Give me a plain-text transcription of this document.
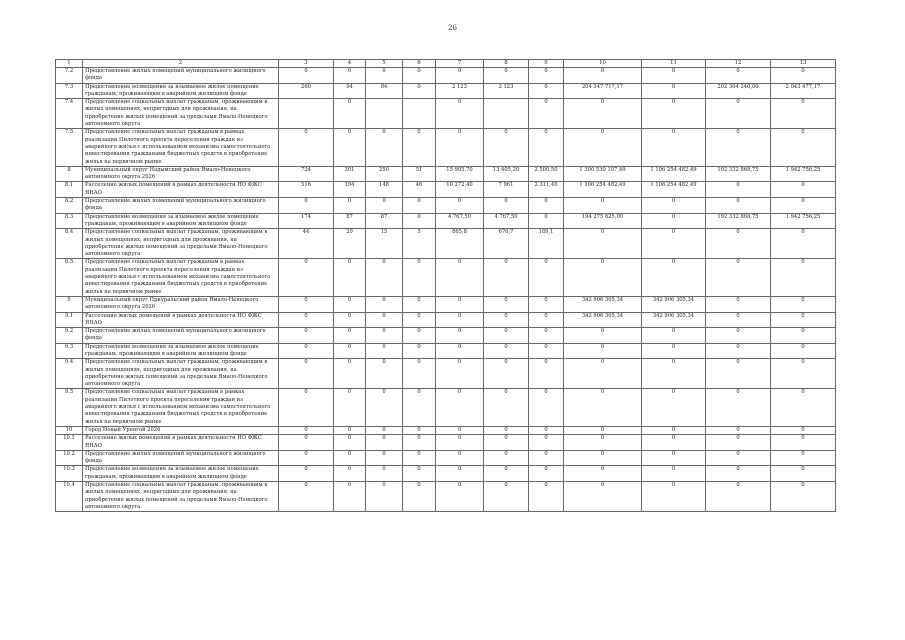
26
1	2	3	4	5	6	7	8	9	10	11	12	13
7.2	Предоставление жилых помещений муниципального жилищного фонда	0	0	0	0	0	0	0	0	0	0	0
7.3	Предоставление возмещения за изымаемое жилое помещение гражданам, проживающим в аварийном жилищном фонде	260	94	94	0	2 123	2 123	0	204 347 717,17	0	202 304 240,00	2 043 477,17
7.4	Предоставление социальных выплат гражданам, проживающим в жилых помещениях, непригодных для проживания, на приобретение жилых помещений за пределами Ямало-Ненецкого автономного округа		0			0		0	0	0	0	0
7.5	Предоставление социальных выплат гражданам в рамках реализации Пилотного проекта переселения граждан из аварийного жилья с использованием механизма самостоятельного инвестирования гражданами бюджетных средств в приобретение жилья на первичном рынке	0	0	0	0	0	0	0	0	0	0	0
8	Муниципальный округ Надымский район Ямало-Ненецкого автономного округа 2026	734	301	250	51	15 905,70	13 405,20	2 500,50	1 300 530 107,49	1 106 254 482,49	192 332 868,75	1 942 756,25
8.1	Расселение жилых помещений в рамках деятельности НО ФЖС ЯНАО	516	194	148	46	10 272,40	7 961	2 311,40	1 106 254 482,49	1 106 254 482,49	0	0
8.2	Предоставление жилых помещений муниципального жилищного фонда	0	0	0	0	0	0	0	0	0	0	0
8.3	Предоставление возмещения за изымаемое жилое помещение гражданам, проживающим в аварийном жилищном фонде	174	87	87	0	4 767,50	4 767,50	0	194 275 625,00	0	192 332 868,75	1 942 756,25
8.4	Предоставление социальных выплат гражданам, проживающим в жилых помещениях, непригодных для проживания, на приобретение жилых помещений за пределами Ямало-Ненецкого автономного округа	44	20	15	5	865,8	676,7	189,1	0	0	0	0
8.5	Предоставление социальных выплат гражданам в рамках реализации Пилотного проекта переселения граждан из аварийного жилья с использованием механизма самостоятельного инвестирования гражданами бюджетных средств в приобретение жилья на первичном рынке	0	0	0	0	0	0	0	0	0	0	0
9	Муниципальный округ Приуральский район Ямало-Ненецкого автономного округа 2026	0	0	0	0	0	0	0	342 906 305,34	342 906 305,34	0	0
9.1	Расселение жилых помещений в рамках деятельности НО ФЖС ЯНАО	0	0	0	0	0	0	0	342 906 305,34	342 906 305,34	0	0
9.2	Предоставление жилых помещений муниципального жилищного фонда	0	0	0	0	0	0	0	0	0	0	0
9.3	Предоставление возмещения за изымаемое жилое помещение гражданам, проживающим в аварийном жилищном фонде	0	0	0	0	0	0	0	0	0	0	0
9.4	Предоставление социальных выплат гражданам, проживающим в жилых помещениях, непригодных для проживания, на приобретение жилых помещений за пределами Ямало-Ненецкого автономного округа	0	0	0	0	0	0	0	0	0	0	0
9.5	Предоставление социальных выплат гражданам в рамках реализации Пилотного проекта переселения граждан из аварийного жилья с использованием механизма самостоятельного инвестирования гражданами бюджетных средств в приобретение жилья на первичном рынке	0	0	0	0	0	0	0	0	0	0	0
10	Город Новый Уренгой 2026	0	0	0	0	0	0	0	0	0	0	0
10.1	Расселение жилых помещений в рамках деятельности НО ФЖС ЯНАО	0	0	0	0	0	0	0	0	0	0	0
10.2	Предоставление жилых помещений муниципального жилищного фонда	0	0	0	0	0	0	0	0	0	0	0
10.3	Предоставление возмещения за изымаемое жилое помещение гражданам, проживающим в аварийном жилищном фонде	0	0	0	0	0	0	0	0	0	0	0
10.4	Предоставление социальных выплат гражданам, проживающим в жилых помещениях, непригодных для проживания, на приобретение жилых помещений за пределами Ямало-Ненецкого автономного округа	0	0	0	0	0	0	0	0	0	0	0
